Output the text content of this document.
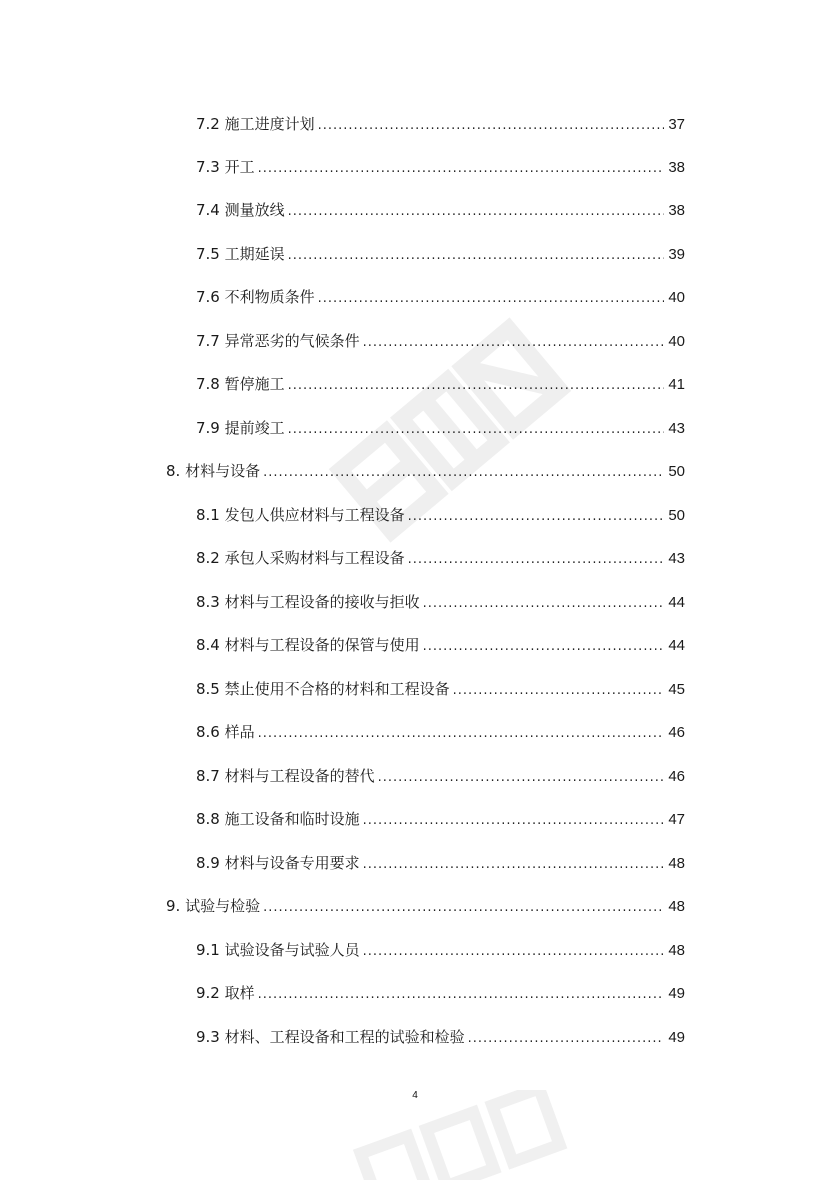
7.2 施工进度计划 .....	37
7.3 开工 .....	38
7.4 测量放线 .....	38
7.5 工期延误 .....	39
7.6 不利物质条件 .....	40
7.7 异常恶劣的气候条件 .....	40
7.8 暂停施工 .....	41
7.9 提前竣工 .....	43
8. 材料与设备 .....	50
8.1 发包人供应材料与工程设备 .....	50
8.2 承包人采购材料与工程设备 .....	43
8.3 材料与工程设备的接收与拒收 .....	44
8.4 材料与工程设备的保管与使用 .....	44
8.5 禁止使用不合格的材料和工程设备 .....	45
8.6 样品 .....	46
8.7 材料与工程设备的替代 .....	46
8.8 施工设备和临时设施 .....	47
8.9 材料与设备专用要求 .....	48
9. 试验与检验 .....	48
9.1 试验设备与试验人员 .....	48
9.2 取样 .....	49
9.3 材料、工程设备和工程的试验和检验 .....	49
4
